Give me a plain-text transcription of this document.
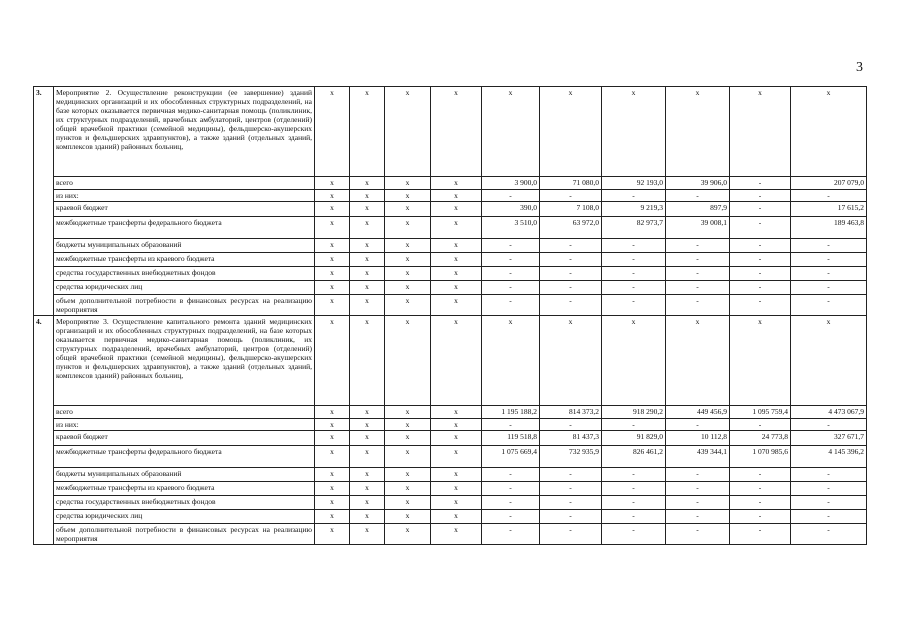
3
3.	Мероприятие 2. Осуществление реконструкции (ее завершение) зданий медицинских организаций и их обособленных структурных подразделений, на базе которых оказывается первичная медико-санитарная помощь (поликлиник, их структурных подразделений, врачебных амбулаторий, центров (отделений) общей врачебной практики (семейной медицины), фельдшерско-акушерских пунктов и фельдшерских здравпунктов), а также зданий (отдельных зданий, комплексов зданий) районных больниц,	x	x	x	x	x	x	x	x	x	x
	всего	x	x	x	x	3 900,0	71 080,0	92 193,0	39 906,0	-	207 079,0
	из них:	x	x	x	x	-	-	-	-	-	-
	краевой бюджет	x	x	x	x	390,0	7 108,0	9 219,3	897,9	-	17 615,2
	межбюджетные трансферты федерального бюджета	x	x	x	x	3 510,0	63 972,0	82 973,7	39 008,1	-	189 463,8
	бюджеты муниципальных образований	x	x	x	x	-	-	-	-	-	-
	межбюджетные трансферты из краевого бюджета	x	x	x	x	-	-	-	-	-	-
	средства государственных внебюджетных фондов	x	x	x	x	-	-	-	-	-	-
	средства юридических лиц	x	x	x	x	-	-	-	-	-	-
	объем дополнительной потребности в финансовых ресурсах на реализацию мероприятия	x	x	x	x	-	-	-	-	-	-
4.	Мероприятие 3. Осуществление капитального ремонта зданий медицинских организаций и их обособленных структурных подразделений, на базе которых оказывается первичная медико-санитарная помощь (поликлиник, их структурных подразделений, врачебных амбулаторий, центров (отделений) общей врачебной практики (семейной медицины), фельдшерско-акушерских пунктов и фельдшерских здравпунктов), а также зданий (отдельных зданий, комплексов зданий) районных больниц,	x	x	x	x	x	x	x	x	x	x
	всего	x	x	x	x	1 195 188,2	814 373,2	918 290,2	449 456,9	1 095 759,4	4 473 067,9
	из них:	x	x	x	x	-	-	-	-	-	-
	краевой бюджет	x	x	x	x	119 518,8	81 437,3	91 829,0	10 112,8	24 773,8	327 671,7
	межбюджетные трансферты федерального бюджета	x	x	x	x	1 075 669,4	732 935,9	826 461,2	439 344,1	1 070 985,6	4 145 396,2
	бюджеты муниципальных образований	x	x	x	x	-	-	-	-	-	-
	межбюджетные трансферты из краевого бюджета	x	x	x	x	-	-	-	-	-	-
	средства государственных внебюджетных фондов	x	x	x	x	-	-	-	-	-	-
	средства юридических лиц	x	x	x	x	-	-	-	-	-	-
	объем дополнительной потребности в финансовых ресурсах на реализацию мероприятия	x	x	x	x	-	-	-	-	-	-
